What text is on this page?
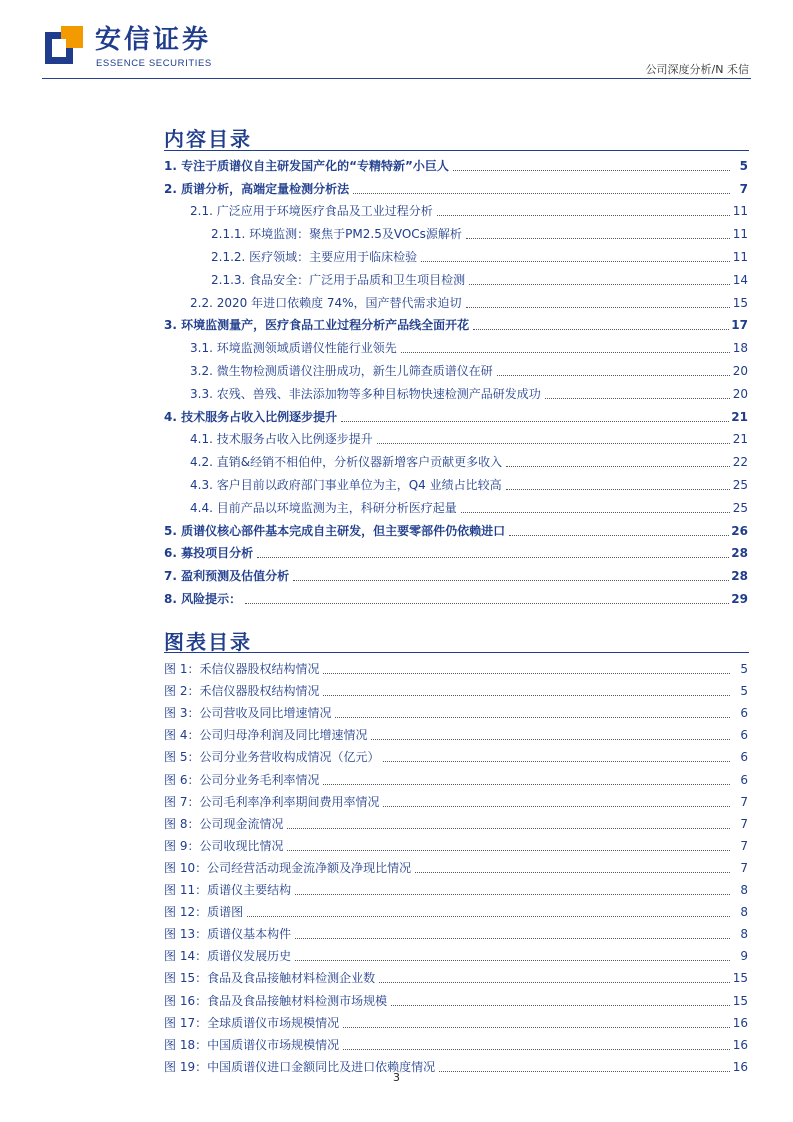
安信证券
ESSENCE SECURITIES	公司深度分析/N 禾信
内容目录
1. 专注于质谱仪自主研发国产化的“专精特新”小巨人	5
2. 质谱分析，高端定量检测分析法	7
2.1. 广泛应用于环境医疗食品及工业过程分析	11
2.1.1. 环境监测：聚焦于PM2.5及VOCs源解析	11
2.1.2. 医疗领域：主要应用于临床检验	11
2.1.3. 食品安全：广泛用于品质和卫生项目检测	14
2.2. 2020 年进口依赖度 74%，国产替代需求迫切	15
3. 环境监测量产，医疗食品工业过程分析产品线全面开花	17
3.1. 环境监测领域质谱仪性能行业领先	18
3.2. 微生物检测质谱仪注册成功，新生儿筛查质谱仪在研	20
3.3. 农残、兽残、非法添加物等多种目标物快速检测产品研发成功	20
4. 技术服务占收入比例逐步提升	21
4.1. 技术服务占收入比例逐步提升	21
4.2. 直销&经销不相伯仲，分析仪器新增客户贡献更多收入	22
4.3. 客户目前以政府部门事业单位为主，Q4 业绩占比较高	25
4.4. 目前产品以环境监测为主，科研分析医疗起量	25
5. 质谱仪核心部件基本完成自主研发，但主要零部件仍依赖进口	26
6. 募投项目分析	28
7. 盈利预测及估值分析	28
8. 风险提示：	29
图表目录
图 1：禾信仪器股权结构情况	5
图 2：禾信仪器股权结构情况	5
图 3：公司营收及同比增速情况	6
图 4：公司归母净利润及同比增速情况	6
图 5：公司分业务营收构成情况（亿元）	6
图 6：公司分业务毛利率情况	6
图 7：公司毛利率净利率期间费用率情况	7
图 8：公司现金流情况	7
图 9：公司收现比情况	7
图 10：公司经营活动现金流净额及净现比情况	7
图 11：质谱仪主要结构	8
图 12：质谱图	8
图 13：质谱仪基本构件	8
图 14：质谱仪发展历史	9
图 15：食品及食品接触材料检测企业数	15
图 16：食品及食品接触材料检测市场规模	15
图 17：全球质谱仪市场规模情况	16
图 18：中国质谱仪市场规模情况	16
图 19：中国质谱仪进口金额同比及进口依赖度情况	16
3
